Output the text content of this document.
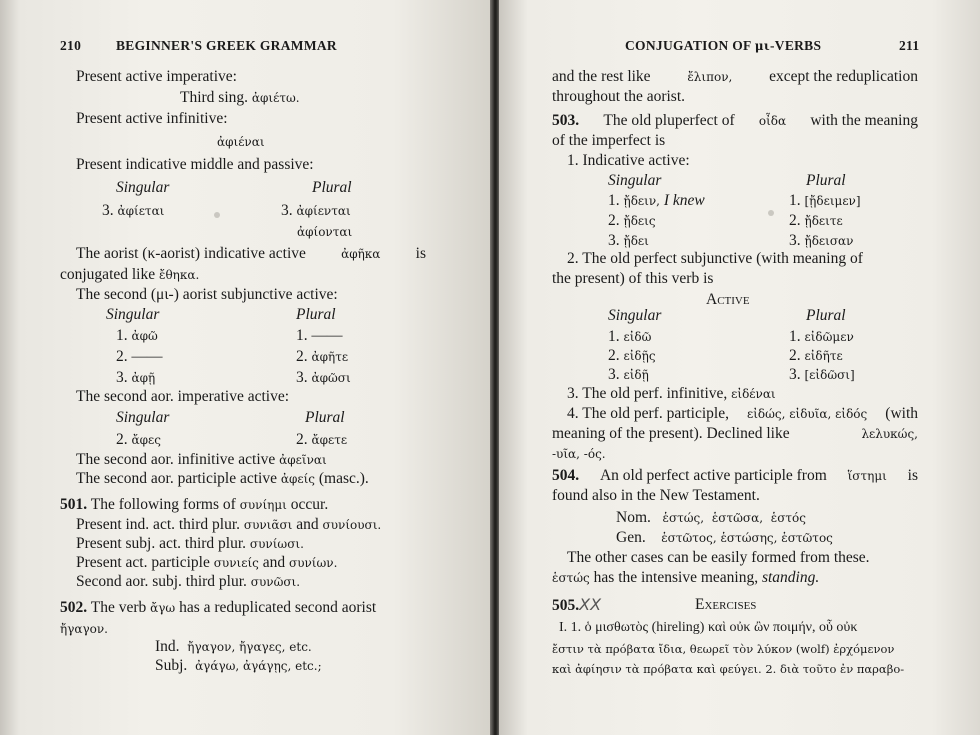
210	BEGINNER'S GREEK GRAMMAR
Present active imperative:
Third sing. ἀφιέτω.
Present active infinitive:
ἀφιέναι
Present indicative middle and passive:
Singular	Plural
3. ἀφίεται	3. ἀφίενται
ἀφίονται
The aorist (κ-aorist) indicative active	ἀφῆκα is
conjugated like ἔθηκα.
The second (μι-) aorist subjunctive active:
Singular	Plural
1. ἀφῶ	1. ——
2. ——	2. ἀφῆτε
3. ἀφῇ	3. ἀφῶσι
The second aor. imperative active:
Singular	Plural
2. ἄφες	2. ἄφετε
The second aor. infinitive active ἀφεῖναι
The second aor. participle active ἀφείς (masc.).
501. The following forms of συνίημι occur.
Present ind. act. third plur. συνιᾶσι and συνίουσι.
Present subj. act. third plur. συνίωσι.
Present act. participle συνιείς and συνίων.
Second aor. subj. third plur. συνῶσι.
502. The verb ἄγω has a reduplicated second aorist
ἤγαγον.
Ind. ἤγαγον, ἤγαγες, etc.
Subj. ἀγάγω, ἀγάγῃς, etc.;
CONJUGATION OF μι-VERBS	211
and the rest like	ἔλιπον, except the reduplication
throughout the aorist.
503. The old pluperfect of οἶδα with the meaning
of the imperfect is
1. Indicative active:
Singular	Plural
1. ᾔδειν, I knew	1. [ᾔδειμεν]
2. ᾔδεις	2. ᾔδειτε
3. ᾔδει	3. ᾔδεισαν
2. The old perfect subjunctive (with meaning of
the present) of this verb is
Active
Singular	Plural
1. εἰδῶ	1. εἰδῶμεν
2. εἰδῇς	2. εἰδῆτε
3. εἰδῇ	3. [εἰδῶσι]
3. The old perf. infinitive, εἰδέναι
4. The old perf. participle, εἰδώς, εἰδυῖα, εἰδός (with
meaning of the present). Declined like	λελυκώς,
-υῖα, -ός.
504. An old perfect active participle from ἵστημι is
found also in the New Testament.
Nom. ἑστώς, ἑστῶσα, ἑστός
Gen. ἑστῶτος, ἑστώσης, ἑστῶτος
The other cases can be easily formed from these.
ἑστώς has the intensive meaning, standing.
505.XX	Exercises
I. 1. ὁ μισθωτὸς (hireling) καὶ οὐκ ὢν ποιμήν, οὗ οὐκ
ἔστιν τὰ πρόβατα ἴδια, θεωρεῖ τὸν λύκον (wolf) ἐρχόμενον
καὶ ἀφίησιν τὰ πρόβατα καὶ φεύγει. 2. διὰ τοῦτο ἐν παραβο-
